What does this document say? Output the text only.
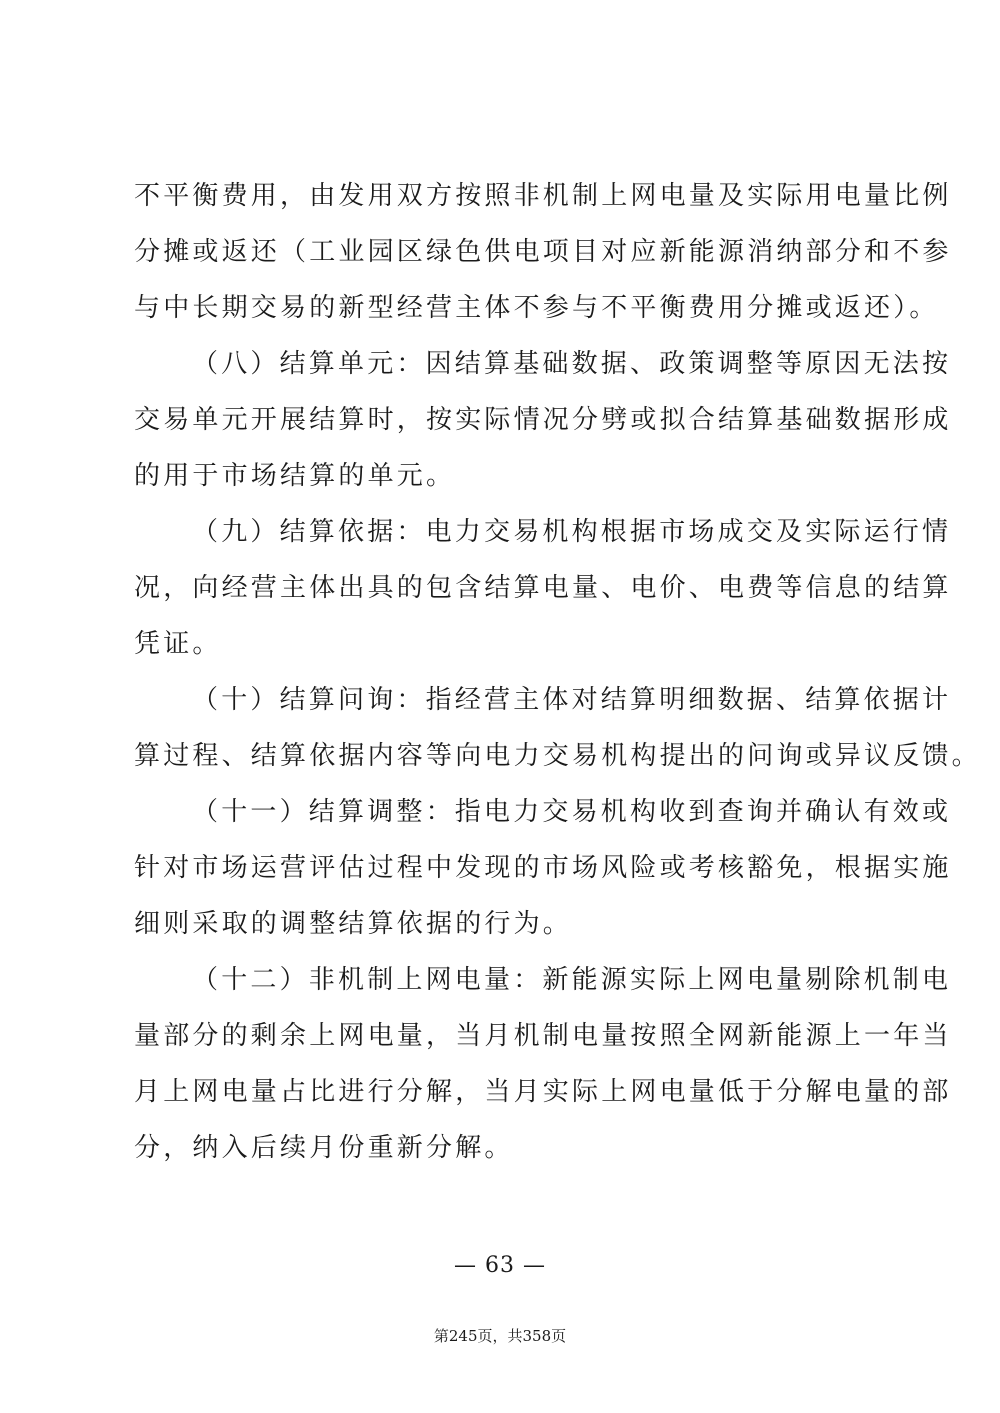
不平衡费用，由发用双方按照非机制上网电量及实际用电量比例
分摊或返还（工业园区绿色供电项目对应新能源消纳部分和不参
与中长期交易的新型经营主体不参与不平衡费用分摊或返还）。

（八）结算单元：因结算基础数据、政策调整等原因无法按
交易单元开展结算时，按实际情况分劈或拟合结算基础数据形成
的用于市场结算的单元。

（九）结算依据：电力交易机构根据市场成交及实际运行情
况，向经营主体出具的包含结算电量、电价、电费等信息的结算
凭证。

（十）结算问询：指经营主体对结算明细数据、结算依据计
算过程、结算依据内容等向电力交易机构提出的问询或异议反馈。

（十一）结算调整：指电力交易机构收到查询并确认有效或
针对市场运营评估过程中发现的市场风险或考核豁免，根据实施
细则采取的调整结算依据的行为。

（十二）非机制上网电量：新能源实际上网电量剔除机制电
量部分的剩余上网电量，当月机制电量按照全网新能源上一年当
月上网电量占比进行分解，当月实际上网电量低于分解电量的部
分，纳入后续月份重新分解。

— 63 —
第245页，共358页
